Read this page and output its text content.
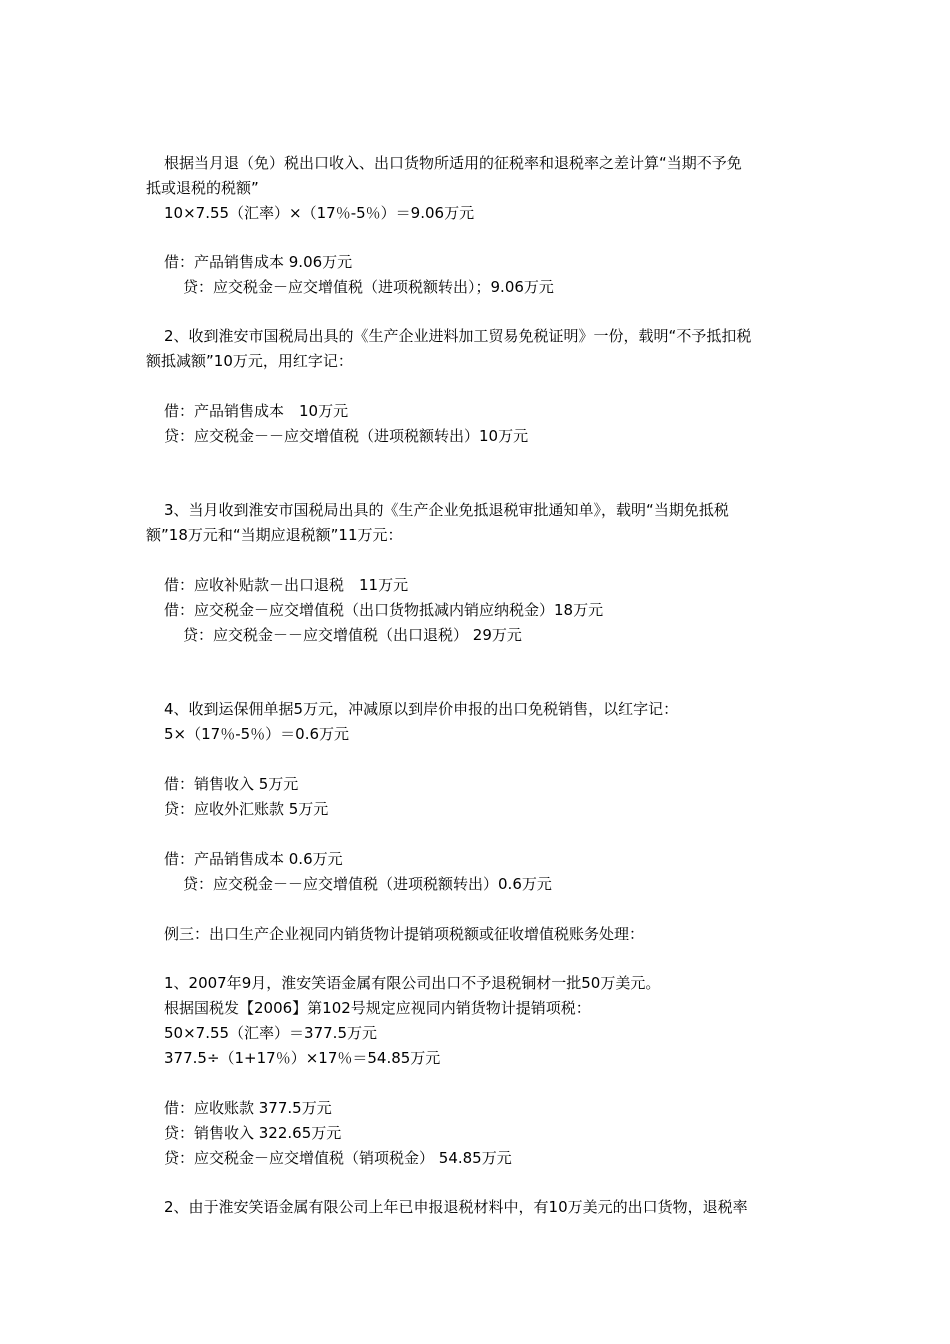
根据当月退（免）税出口收入、出口货物所适用的征税率和退税率之差计算“当期不予免
抵或退税的税额”
10×7.55（汇率）×（17％-5％）＝9.06万元
借：产品销售成本 9.06万元
贷：应交税金－应交增值税（进项税额转出）；9.06万元
2、收到淮安市国税局出具的《生产企业进料加工贸易免税证明》一份，载明“不予抵扣税
额抵减额”10万元，用红字记：
借：产品销售成本　10万元
贷：应交税金－－应交增值税（进项税额转出）10万元
3、当月收到淮安市国税局出具的《生产企业免抵退税审批通知单》，载明“当期免抵税
额”18万元和“当期应退税额”11万元：
借：应收补贴款－出口退税　11万元
借：应交税金－应交增值税（出口货物抵减内销应纳税金）18万元
贷：应交税金－－应交增值税（出口退税） 29万元
4、收到运保佣单据5万元，冲减原以到岸价申报的出口免税销售，以红字记：
5×（17％-5％）＝0.6万元
借：销售收入 5万元
贷：应收外汇账款 5万元
借：产品销售成本 0.6万元
贷：应交税金－－应交增值税（进项税额转出）0.6万元
例三：出口生产企业视同内销货物计提销项税额或征收增值税账务处理：
1、2007年9月，淮安笑语金属有限公司出口不予退税铜材一批50万美元。
根据国税发【2006】第102号规定应视同内销货物计提销项税：
50×7.55（汇率）＝377.5万元
377.5÷（1+17％）×17％＝54.85万元
借：应收账款 377.5万元
贷：销售收入 322.65万元
贷：应交税金－应交增值税（销项税金） 54.85万元
2、由于淮安笑语金属有限公司上年已申报退税材料中，有10万美元的出口货物，退税率
